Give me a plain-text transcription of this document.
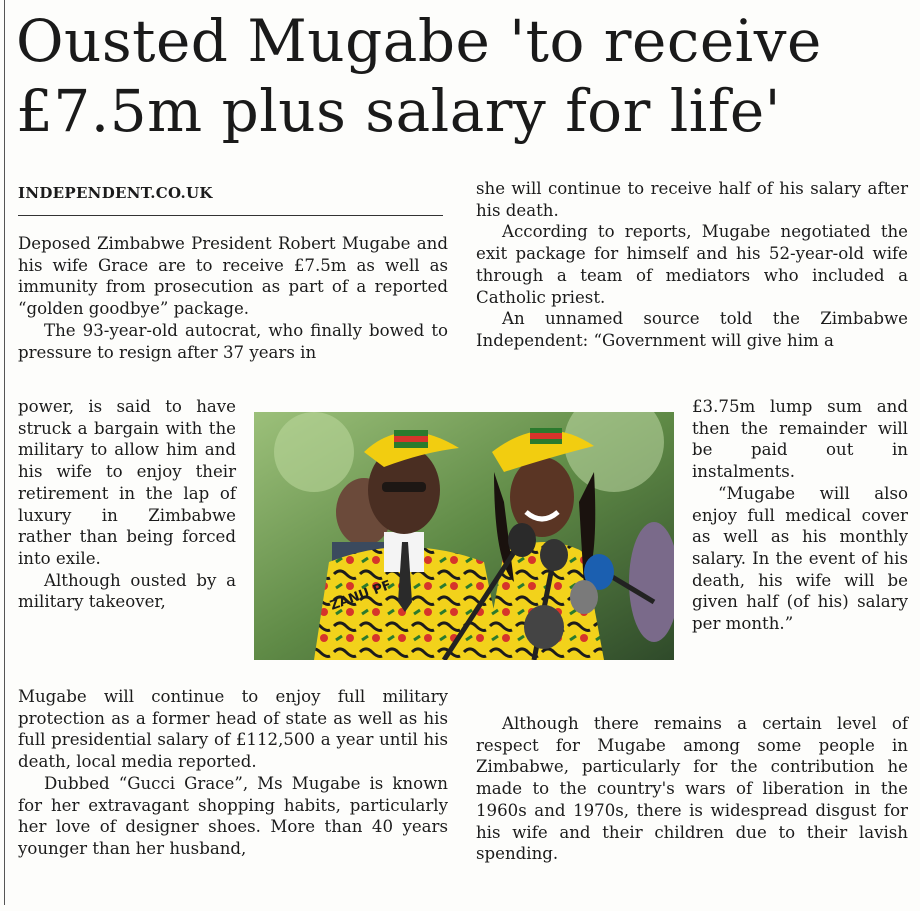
Ousted Mugabe 'to receive £7.5m plus salary for life'
INDEPENDENT.CO.UK

Deposed Zimbabwe President Robert Mugabe and his wife Grace are to receive £7.5m as well as immunity from prosecution as part of a reported “golden goodbye” package.

The 93-year-old autocrat, who finally bowed to pressure to resign after 37 years in

power, is said to have struck a bargain with the military to allow him and his wife to enjoy their retirement in the lap of luxury in Zimbabwe rather than being forced into exile.

Although ousted by a military takeover,

Mugabe will continue to enjoy full military protection as a former head of state as well as his full presidential salary of £112,500 a year until his death, local media reported.

Dubbed “Gucci Grace”, Ms Mugabe is known for her extravagant shopping habits, particularly her love of designer shoes. More than 40 years younger than her husband,

she will continue to receive half of his salary after his death.

According to reports, Mugabe negotiated the exit package for himself and his 52-year-old wife through a team of mediators who included a Catholic priest.

An unnamed source told the Zimbabwe Independent: “Government will give him a

£3.75m lump sum and then the remainder will be paid out in instalments.

“Mugabe will also enjoy full medical cover as well as his monthly salary. In the event of his death, his wife will be given half (of his) salary per month.”

Although there remains a certain level of respect for Mugabe among some people in Zimbabwe, particularly for the contribution he made to the country's wars of liberation in the 1960s and 1970s, there is widespread disgust for his wife and their children due to their lavish spending.

ZANU PF
